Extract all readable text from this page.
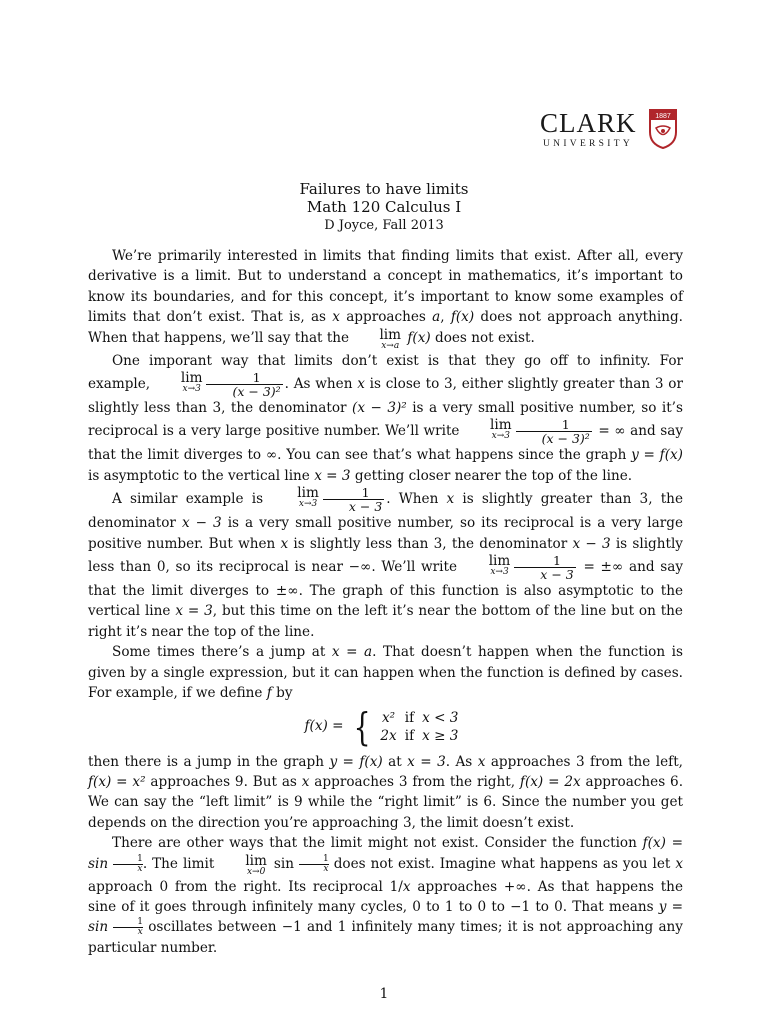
CLARK
UNIVERSITY
1887
Failures to have limits
Math 120 Calculus I
D Joyce, Fall 2013

We’re primarily interested in limits that finding limits that exist. After all, every derivative is a limit. But to understand a concept in mathematics, it’s important to know its boundaries, and for this concept, it’s important to know some examples of limits that don’t exist. That is, as x approaches a, f(x) does not approach anything. When that happens, we’ll say that the lim
x→a f(x) does not exist.

One imporant way that limits don’t exist is that they go off to infinity. For example, lim
$x\to 3 \frac{1}{\text{(x − 3)²}}$ . As when x is close to 3, either slightly greater than 3 or slightly less than 3, the denominator (x − 3)² is a very small positive number, so it’s reciprocal is a very large positive number. We’ll write lim
$x\to 3 \frac{1}{\text{(x − 3)²}}$ = ∞ and say that the limit diverges to ∞. You can see that’s what happens since the graph y = f(x) is asymptotic to the vertical line x = 3 getting closer nearer the top of the line.

A similar example is lim
$x\to 3 \frac{1}{x - 3}$ . When x is slightly greater than 3, the denominator x − 3 is a very small positive number, so its reciprocal is a very large positive number. But when x is slightly less than 3, the denominator x − 3 is slightly less than 0, so its reciprocal is near −∞. We’ll write lim
$x\to 3 \frac{1}{x - 3}$ = ±∞ and say that the limit diverges to ±∞. The graph of this function is also asymptotic to the vertical line x = 3, but this time on the left it’s near the bottom of the line but on the right it’s near the top of the line.

Some times there’s a jump at x = a. That doesn’t happen when the function is given by a single expression, but it can happen when the function is defined by cases. For example, if we define f by

f(x) = { x²	if	x < 3
2x	if	x ≥ 3

then there is a jump in the graph y = f(x) at x = 3. As x approaches 3 from the left, f(x) = x² approaches 9. But as x approaches 3 from the right, f(x) = 2x approaches 6. We can say the “left limit” is 9 while the “right limit” is 6. Since the number you get depends on the direction you’re approaching 3, the limit doesn’t exist.

There are other ways that the limit might not exist. Consider the function $f(x) = \sin \frac{1}{x}$ . The limit lim
x→0 $\sin \frac{1}{x}$ does not exist. Imagine what happens as you let x approach 0 from the right. Its reciprocal 1/x approaches +∞. As that happens the sine of it goes through infinitely many cycles, 0 to 1 to 0 to −1 to 0. That means $y = \sin \frac{1}{x}$ oscillates between −1 and 1 infinitely many times; it is not approaching any particular number.

1
